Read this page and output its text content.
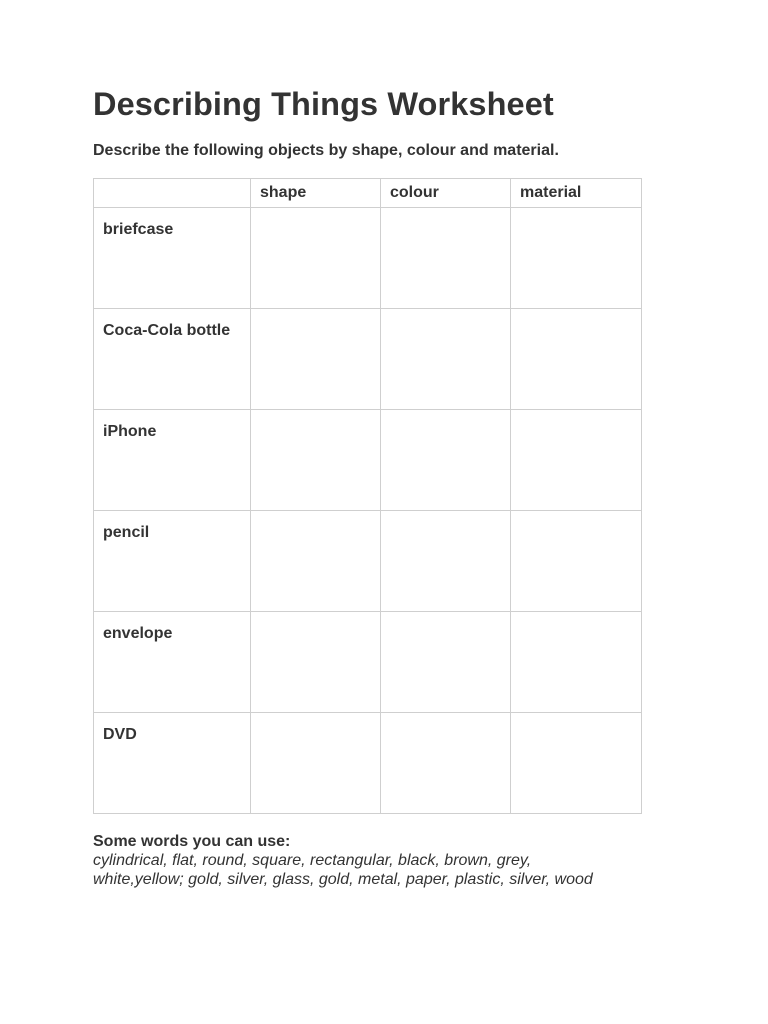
Describing Things Worksheet

Describe the following objects by shape, colour and material.

	shape	colour	material
briefcase			
Coca-Cola bottle			
iPhone			
pencil			
envelope			
DVD			

Some words you can use:

cylindrical, flat, round, square, rectangular, black, brown, grey,

white,yellow; gold, silver, glass, gold, metal, paper, plastic, silver, wood
